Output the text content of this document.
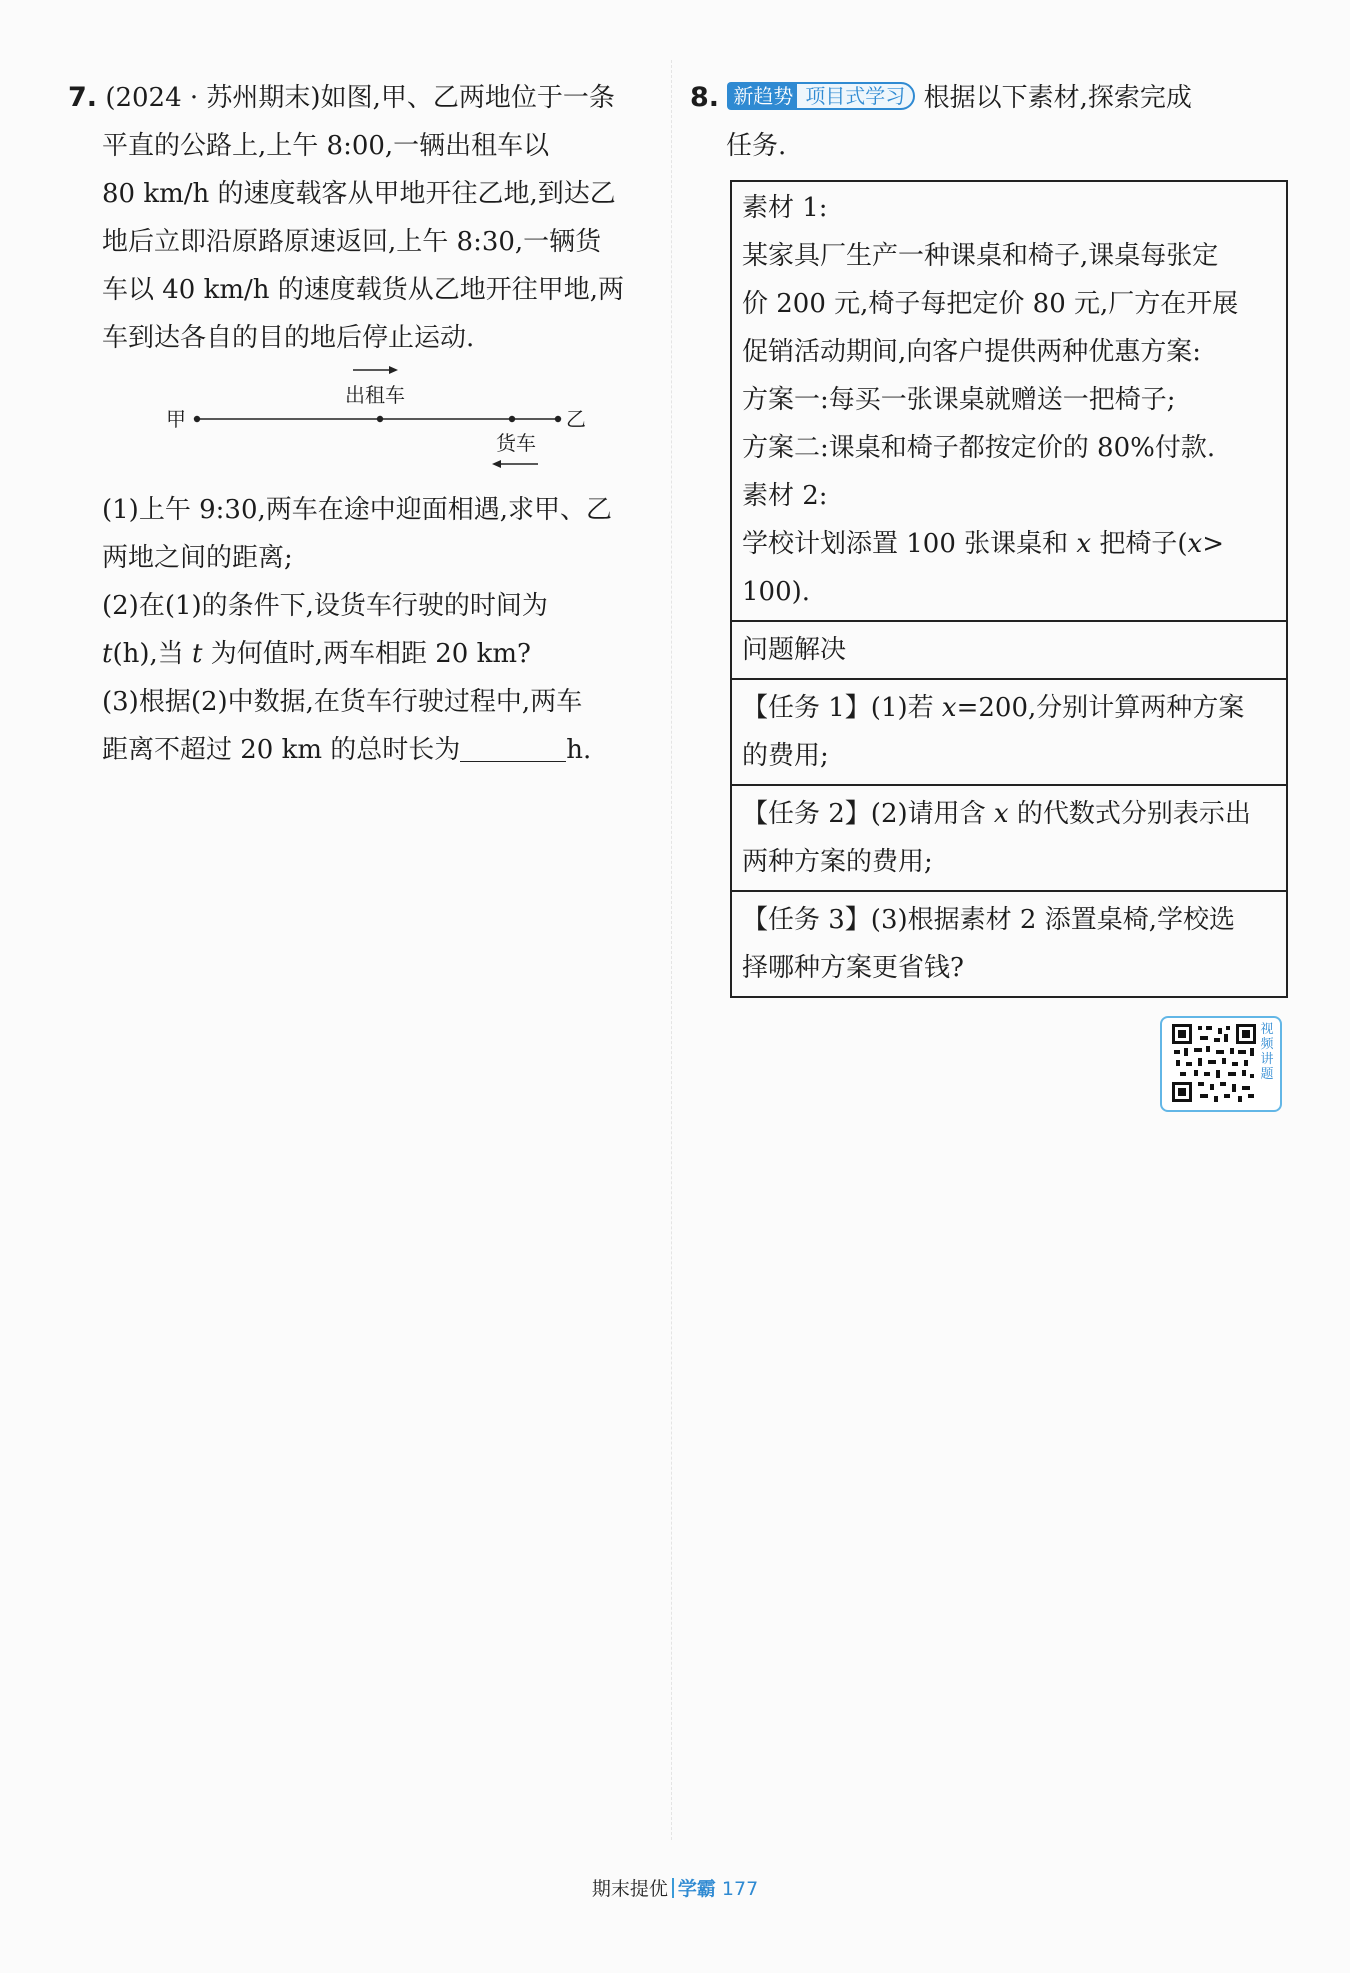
7. (2024 · 苏州期末)如图,甲、乙两地位于一条
平直的公路上,上午 8:00,一辆出租车以
80 km/h 的速度载客从甲地开往乙地,到达乙
地后立即沿原路原速返回,上午 8:30,一辆货
车以 40 km/h 的速度载货从乙地开往甲地,两
车到达各自的目的地后停止运动.
(1)上午 9:30,两车在途中迎面相遇,求甲、乙
两地之间的距离;
(2)在(1)的条件下,设货车行驶的时间为
t(h),当 t 为何值时,两车相距 20 km?
(3)根据(2)中数据,在货车行驶过程中,两车
距离不超过 20 km 的总时长为	h.
甲	乙
出租车
货车
8. 新趋势 项目式学习 根据以下素材,探索完成
任务.
素材 1:
某家具厂生产一种课桌和椅子,课桌每张定
价 200 元,椅子每把定价 80 元,厂方在开展
促销活动期间,向客户提供两种优惠方案:
方案一:每买一张课桌就赠送一把椅子;
方案二:课桌和椅子都按定价的 80%付款.
素材 2:
学校计划添置 100 张课桌和 x 把椅子(x>
100).
问题解决
【任务 1】(1)若 x=200,分别计算两种方案
的费用;
【任务 2】(2)请用含 x 的代数式分别表示出
两种方案的费用;
【任务 3】(3)根据素材 2 添置桌椅,学校选
择哪种方案更省钱?
视频讲题
期末提优 学霸 177
